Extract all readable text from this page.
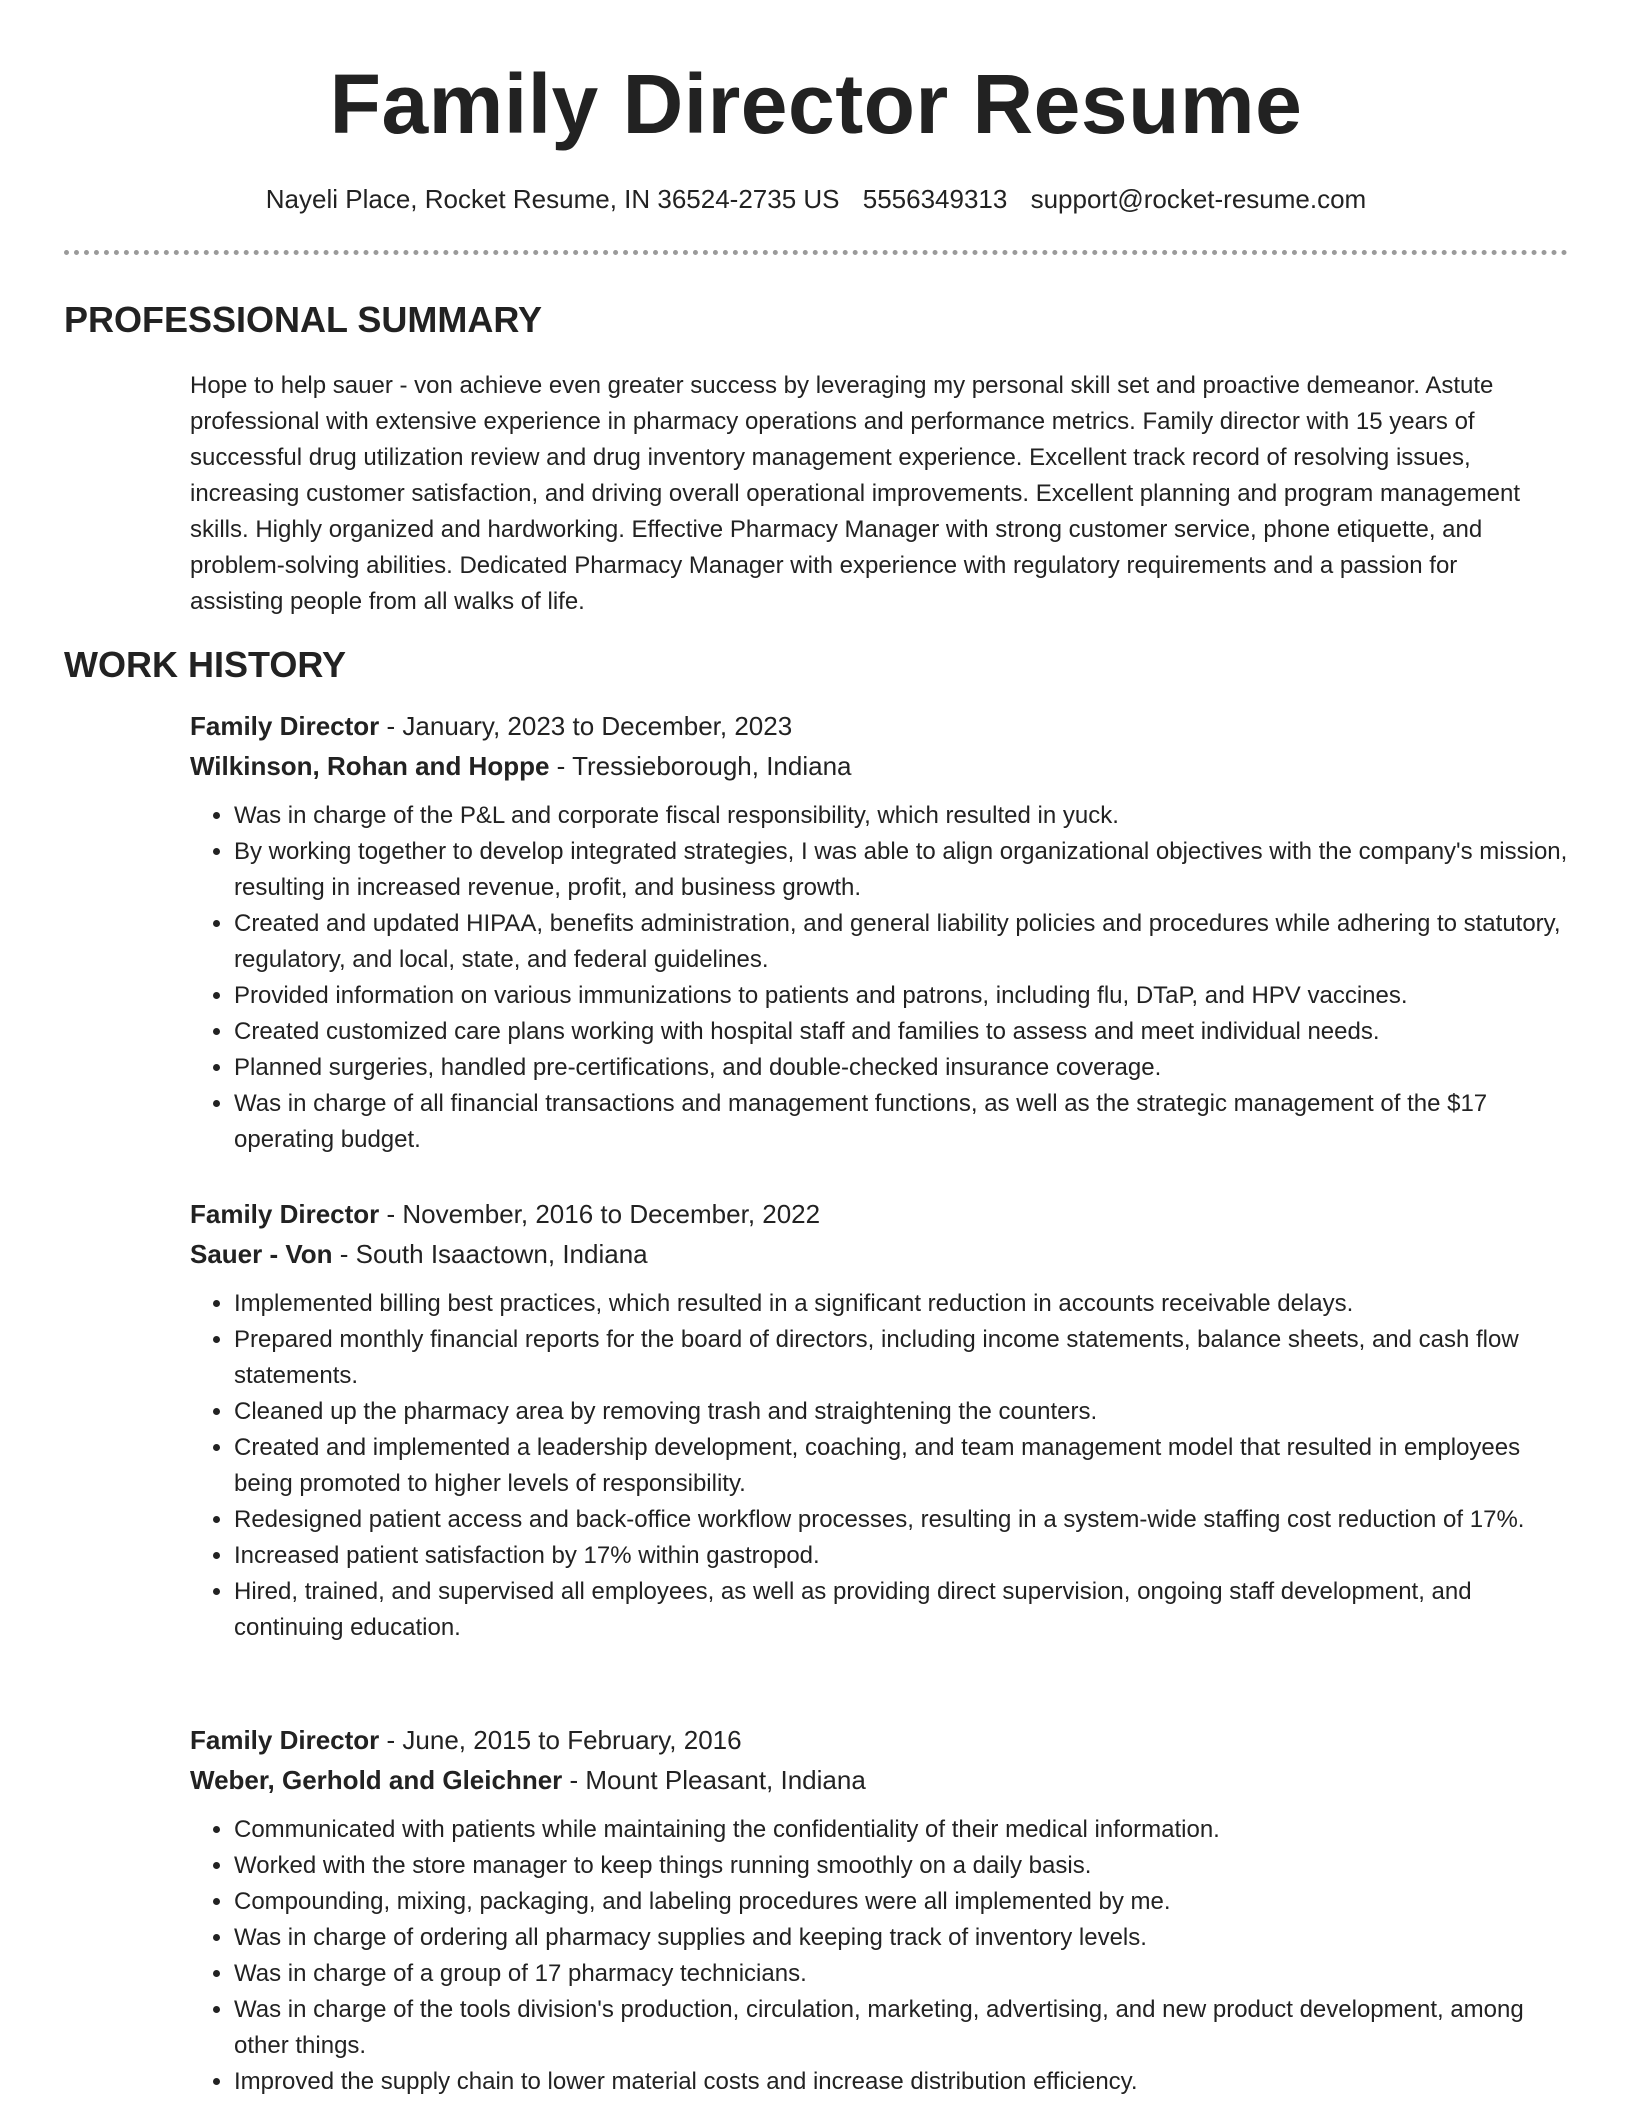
Family Director Resume
Nayeli Place, Rocket Resume, IN 36524-2735 US 5556349313 support@rocket-resume.com
PROFESSIONAL SUMMARY

Hope to help sauer - von achieve even greater success by leveraging my personal skill set and proactive demeanor. Astute professional with extensive experience in pharmacy operations and performance metrics. Family director with 15 years of successful drug utilization review and drug inventory management experience. Excellent track record of resolving issues, increasing customer satisfaction, and driving overall operational improvements. Excellent planning and program management skills. Highly organized and hardworking. Effective Pharmacy Manager with strong customer service, phone etiquette, and problem-solving abilities. Dedicated Pharmacy Manager with experience with regulatory requirements and a passion for assisting people from all walks of life.

WORK HISTORY
Family Director - January, 2023 to December, 2023
Wilkinson, Rohan and Hoppe - Tressieborough, Indiana
• Was in charge of the P&L and corporate fiscal responsibility, which resulted in yuck.
• By working together to develop integrated strategies, I was able to align organizational objectives with the company's mission, resulting in increased revenue, profit, and business growth.
• Created and updated HIPAA, benefits administration, and general liability policies and procedures while adhering to statutory, regulatory, and local, state, and federal guidelines.
• Provided information on various immunizations to patients and patrons, including flu, DTaP, and HPV vaccines.
• Created customized care plans working with hospital staff and families to assess and meet individual needs.
• Planned surgeries, handled pre-certifications, and double-checked insurance coverage.
• Was in charge of all financial transactions and management functions, as well as the strategic management of the $17 operating budget.
Family Director - November, 2016 to December, 2022
Sauer - Von - South Isaactown, Indiana
• Implemented billing best practices, which resulted in a significant reduction in accounts receivable delays.
• Prepared monthly financial reports for the board of directors, including income statements, balance sheets, and cash flow statements.
• Cleaned up the pharmacy area by removing trash and straightening the counters.
• Created and implemented a leadership development, coaching, and team management model that resulted in employees being promoted to higher levels of responsibility.
• Redesigned patient access and back-office workflow processes, resulting in a system-wide staffing cost reduction of 17%.
• Increased patient satisfaction by 17% within gastropod.
• Hired, trained, and supervised all employees, as well as providing direct supervision, ongoing staff development, and continuing education.
Family Director - June, 2015 to February, 2016
Weber, Gerhold and Gleichner - Mount Pleasant, Indiana
• Communicated with patients while maintaining the confidentiality of their medical information.
• Worked with the store manager to keep things running smoothly on a daily basis.
• Compounding, mixing, packaging, and labeling procedures were all implemented by me.
• Was in charge of ordering all pharmacy supplies and keeping track of inventory levels.
• Was in charge of a group of 17 pharmacy technicians.
• Was in charge of the tools division's production, circulation, marketing, advertising, and new product development, among other things.
• Improved the supply chain to lower material costs and increase distribution efficiency.
